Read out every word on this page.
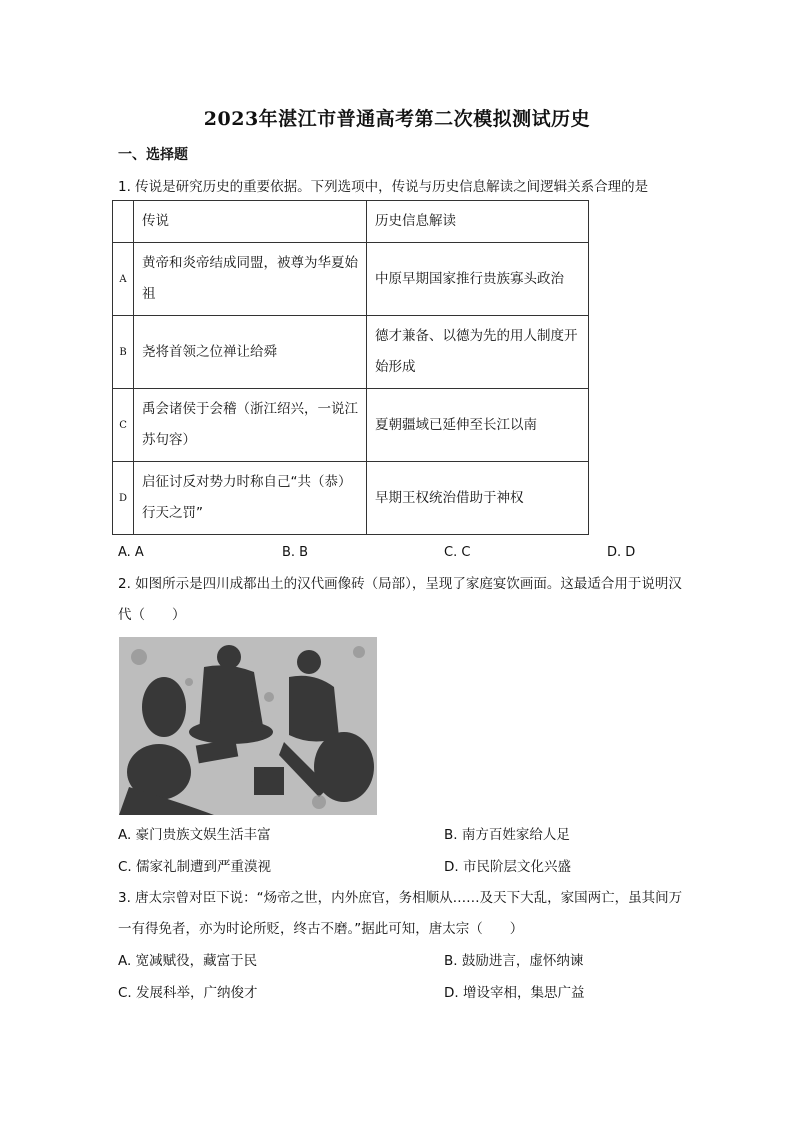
2023年湛江市普通高考第二次模拟测试历史
一、选择题
1. 传说是研究历史的重要依据。下列选项中，传说与历史信息解读之间逻辑关系合理的是
	传说	历史信息解读
A	黄帝和炎帝结成同盟，被尊为华夏始祖	中原早期国家推行贵族寡头政治
B	尧将首领之位禅让给舜	德才兼备、以德为先的用人制度开始形成
C	禹会诸侯于会稽（浙江绍兴，一说江苏句容）	夏朝疆域已延伸至长江以南
D	启征讨反对势力时称自己“共（恭）行天之罚”	早期王权统治借助于神权
A. A	B. B	C. C	D. D
2. 如图所示是四川成都出土的汉代画像砖（局部），呈现了家庭宴饮画面。这最适合用于说明汉代（　　）
A. 豪门贵族文娱生活丰富	B. 南方百姓家给人足
C. 儒家礼制遭到严重漠视	D. 市民阶层文化兴盛
3. 唐太宗曾对臣下说：“炀帝之世，内外庶官，务相顺从……及天下大乱，家国两亡，虽其间万一有得免者，亦为时论所贬，终古不磨。”据此可知，唐太宗（　　）
A. 宽减赋役，藏富于民	B. 鼓励进言，虚怀纳谏
C. 发展科举，广纳俊才	D. 增设宰相，集思广益
